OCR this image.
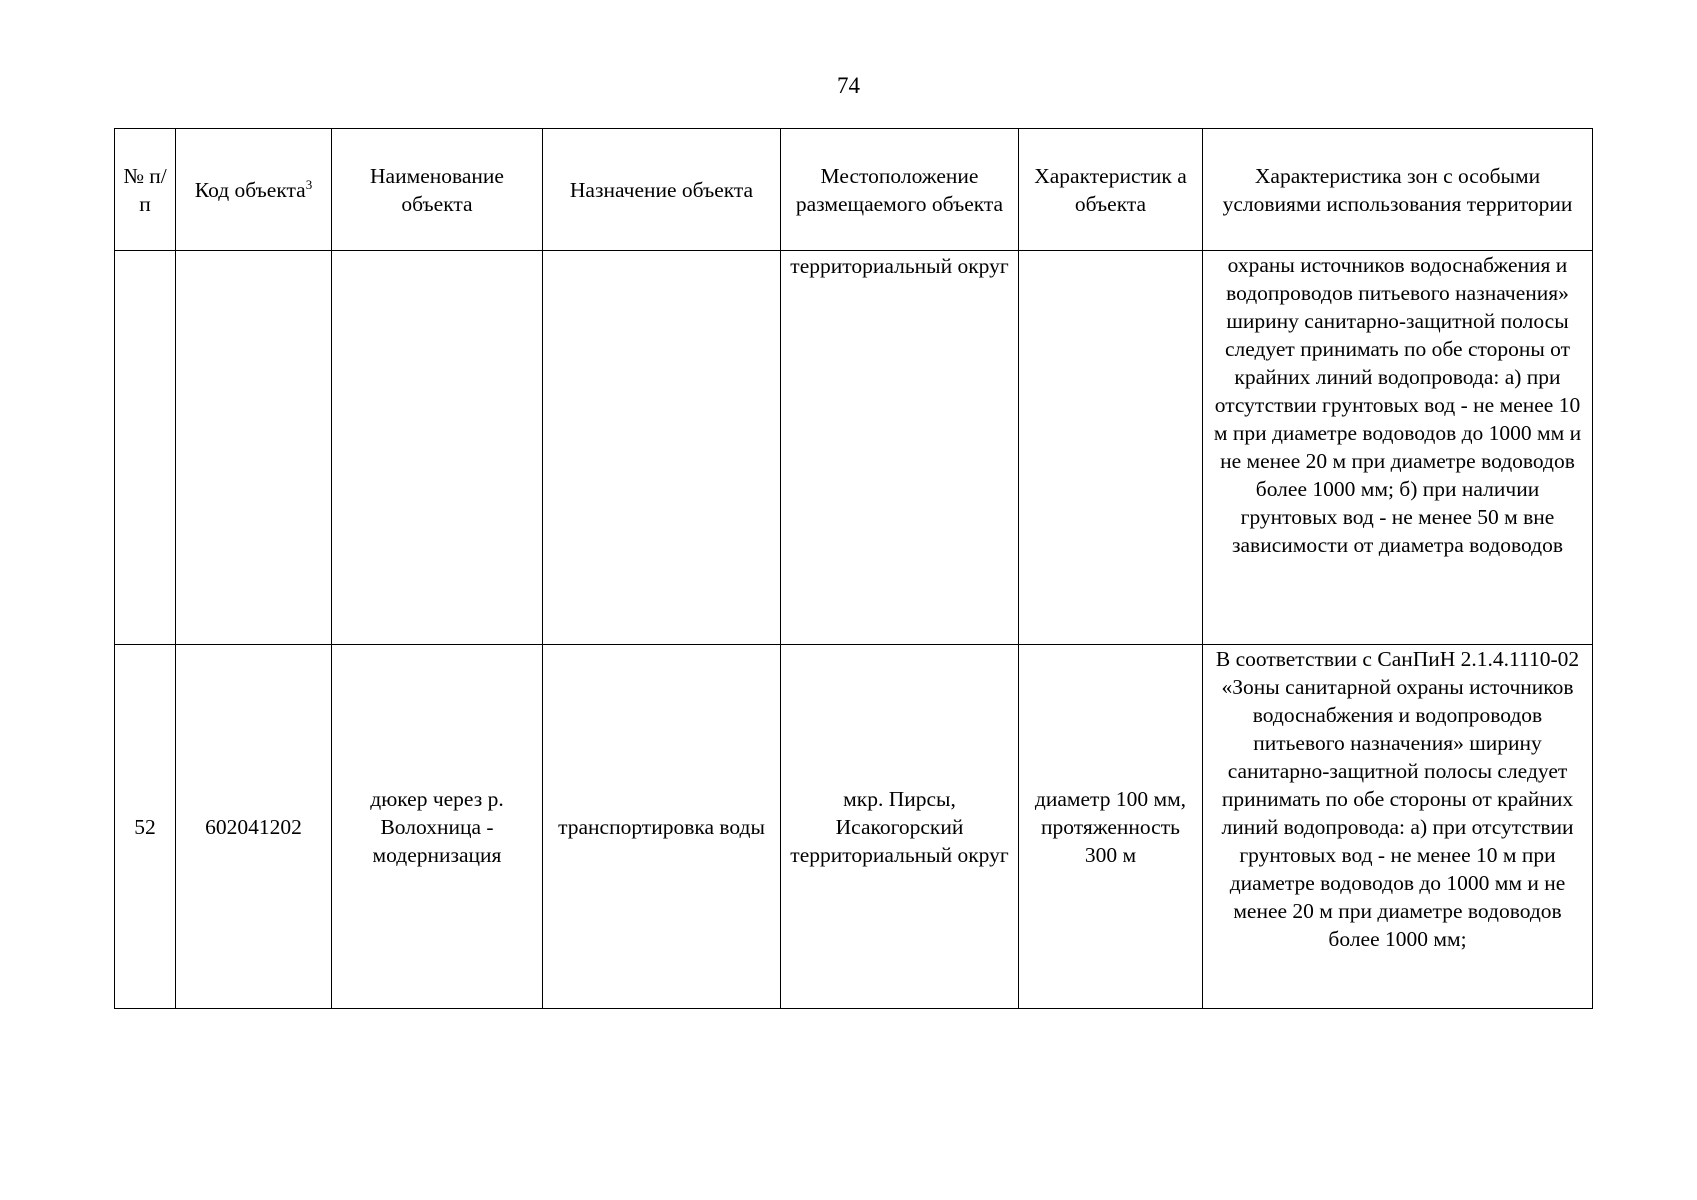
74
№ п/п	Код объекта$^3$	Наименование объекта	Назначение объекта	Местоположение размещаемого объекта	Характеристик а объекта	Характеристика зон с особыми условиями использования территории
				территориальный округ		охраны источников водоснабжения и водопроводов питьевого назначения» ширину санитарно-защитной полосы следует принимать по обе стороны от крайних линий водопровода: а) при отсутствии грунтовых вод - не менее 10 м при диаметре водоводов до 1000 мм и не менее 20 м при диаметре водоводов более 1000 мм; б) при наличии грунтовых вод - не менее 50 м вне зависимости от диаметра водоводов
52	602041202	дюкер через р. Волохница - модернизация	транспортировка воды	мкр. Пирсы, Исакогорский территориальный округ	диаметр 100 мм, протяженность 300 м	В соответствии с СанПиН 2.1.4.1110-02 «Зоны санитарной охраны источников водоснабжения и водопроводов питьевого назначения» ширину санитарно-защитной полосы следует принимать по обе стороны от крайних линий водопровода: а) при отсутствии грунтовых вод - не менее 10 м при диаметре водоводов до 1000 мм и не менее 20 м при диаметре водоводов более 1000 мм;
